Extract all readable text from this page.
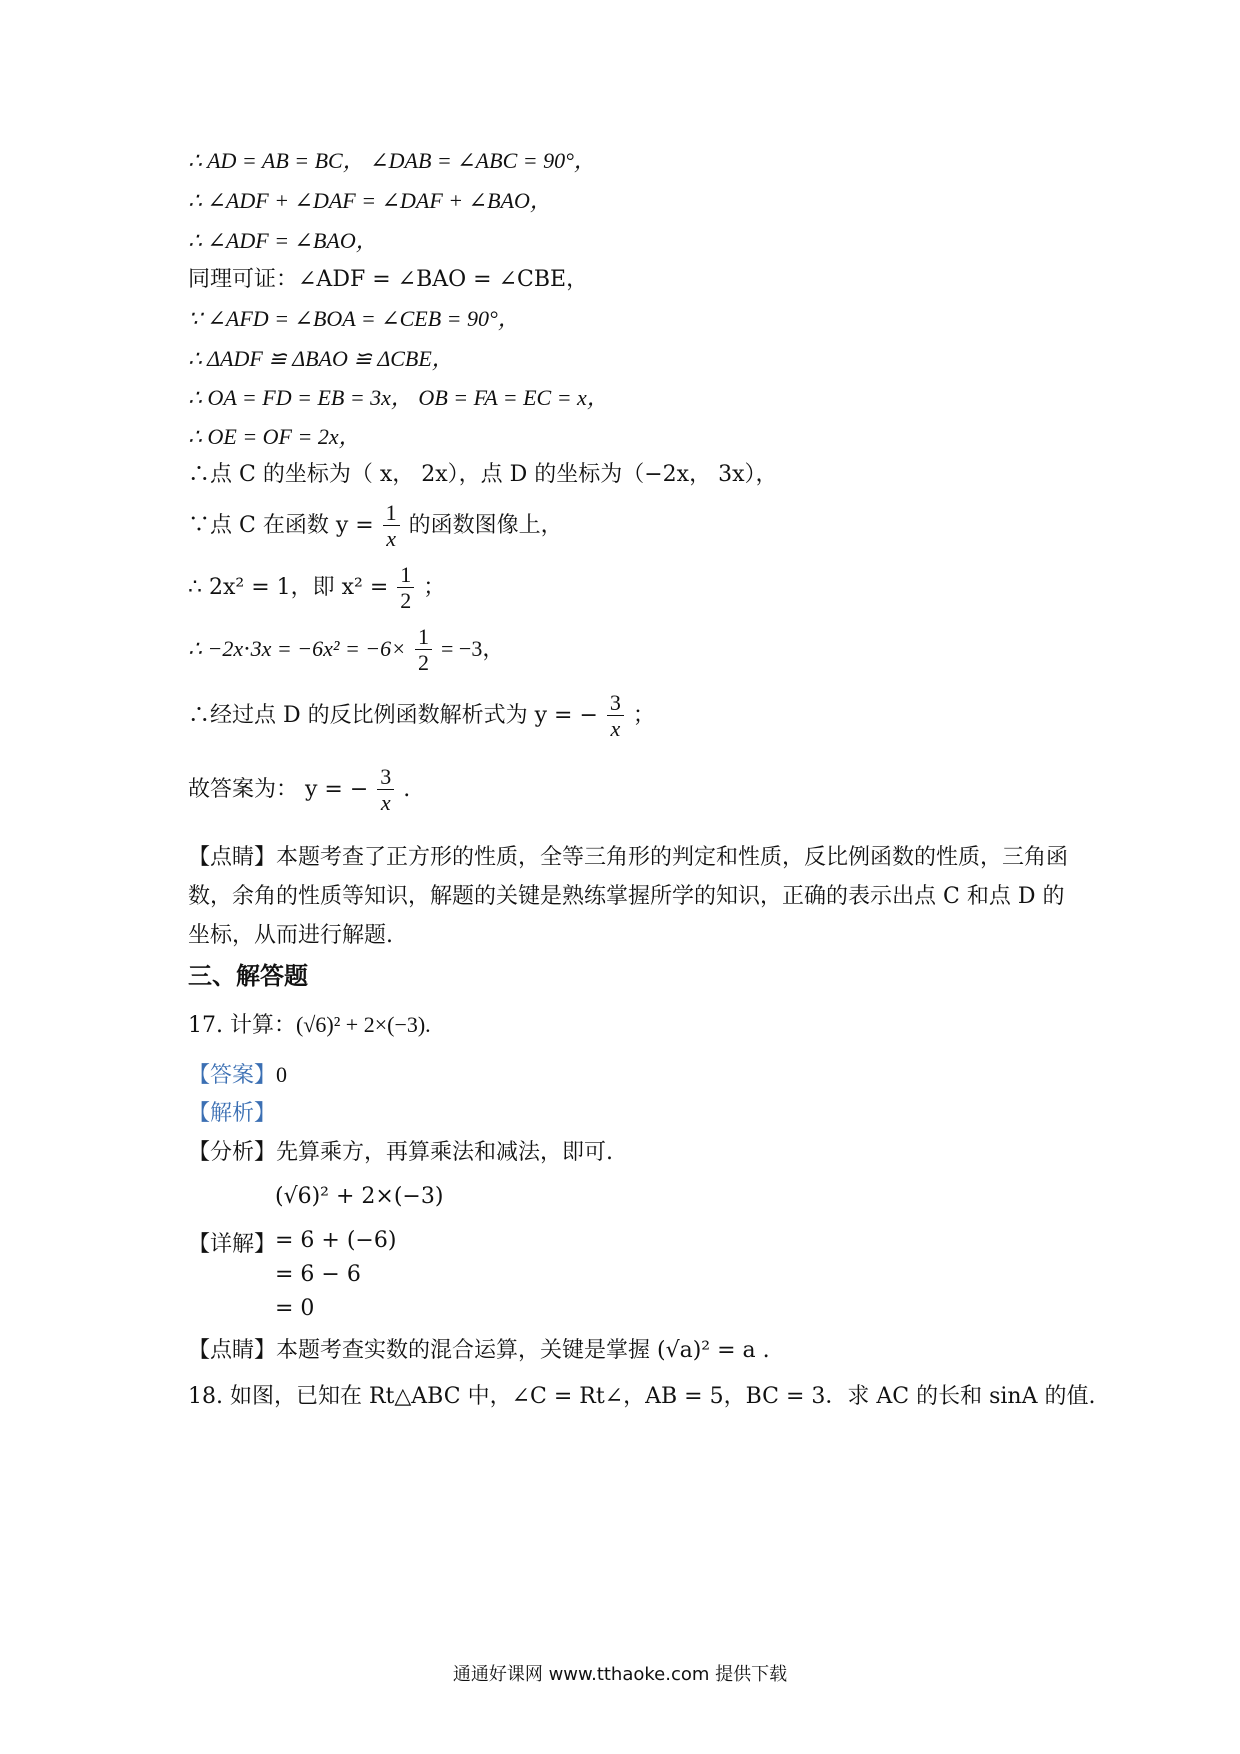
∴ AD = AB = BC， ∠DAB = ∠ABC = 90°，
∴ ∠ADF + ∠DAF = ∠DAF + ∠BAO，
∴ ∠ADF = ∠BAO，
同理可证：∠ADF = ∠BAO = ∠CBE，
∵ ∠AFD = ∠BOA = ∠CEB = 90°，
∴ ΔADF ≌ ΔBAO ≌ ΔCBE，
∴ OA = FD = EB = 3x， OB = FA = EC = x，
∴ OE = OF = 2x，
∴点 C 的坐标为（ x， 2x），点 D 的坐标为（−2x， 3x），
∵点 C 在函数 $y = \frac{1}{x}$ 的函数图像上，
∴ 2x² = 1，即 $x^2 = \frac{1}{2}$ ；
∴ $-2x\cdot 3x = -6x^2 = -6\times \frac{1}{2} = -3$，
∴经过点 D 的反比例函数解析式为 y = − $\frac{3}{x}$ ；
故答案为： y = − $\frac{3}{x}$ .
【点睛】本题考查了正方形的性质，全等三角形的判定和性质，反比例函数的性质，三角函
数，余角的性质等知识，解题的关键是熟练掌握所学的知识，正确的表示出点 C 和点 D 的
坐标，从而进行解题.
三、解答题
17. 计算：(√6)² + 2×(−3).
【答案】0
【解析】
【分析】先算乘方，再算乘法和减法，即可.
(√6)² + 2×(−3)
【详解】
= 6 + (−6)
= 6 − 6
= 0
【点睛】本题考查实数的混合运算，关键是掌握 (√a)² = a .
18. 如图，已知在 Rt△ABC 中，∠C = Rt∠，AB = 5，BC = 3．求 AC 的长和 sinA 的值.
通通好课网 www.tthaoke.com 提供下载
